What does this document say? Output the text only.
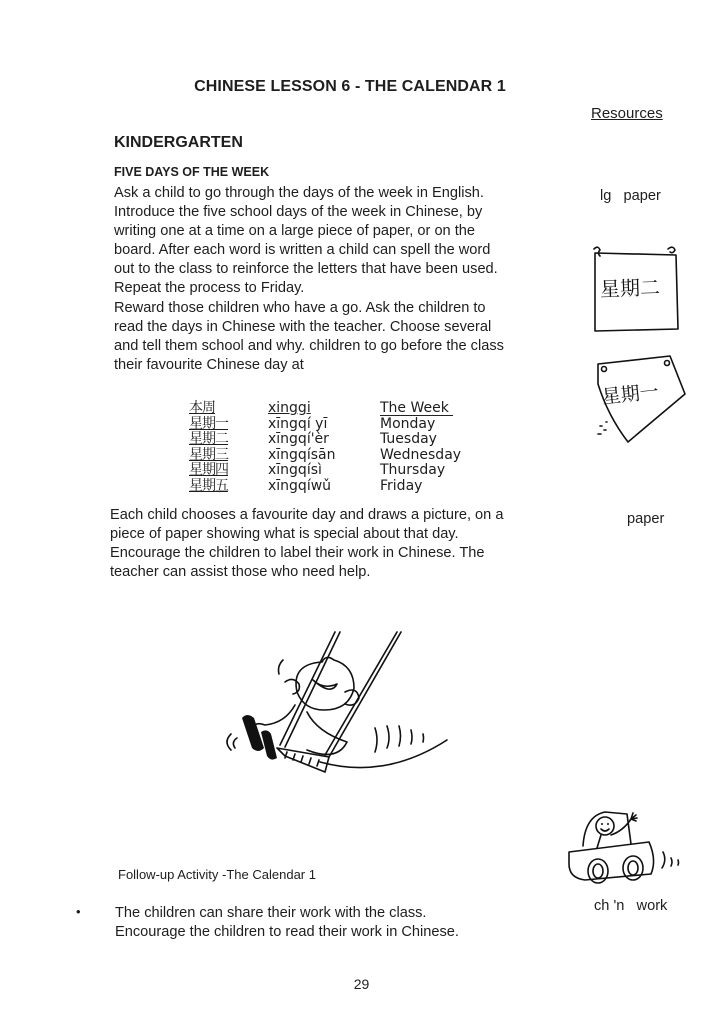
CHINESE LESSON 6 - THE CALENDAR 1
Resources
KINDERGARTEN
FIVE DAYS OF THE WEEK
Ask a child to go through the days of the week in English.
Introduce the five school days of the week in Chinese, by
writing one at a time on a large piece of paper, or on the
board. After each word is written a child can spell the word
out to the class to reinforce the letters that have been used.
Repeat the process to Friday.
Reward those children who have a go. Ask the children to
read the days in Chinese with the teacher. Choose several
and tell them school and why. children to go before the class
their favourite Chinese day at
本周
星期一
星期二
星期三
星期四
星期五
xinggi
xīngqí yī
xīngqí'èr
xīngqísān
xīngqísì
xīngqíwǔ
The Week
Monday
Tuesday
Wednesday
Thursday
Friday
Each child chooses a favourite day and draws a picture, on a
piece of paper showing what is special about that day.
Encourage the children to label their work in Chinese. The
teacher can assist those who need help.
Follow-up Activity -The Calendar 1
• The children can share their work with the class.
Encourage the children to read their work in Chinese.
lg   paper
paper
ch 'n   work
星期二
星期一
29
